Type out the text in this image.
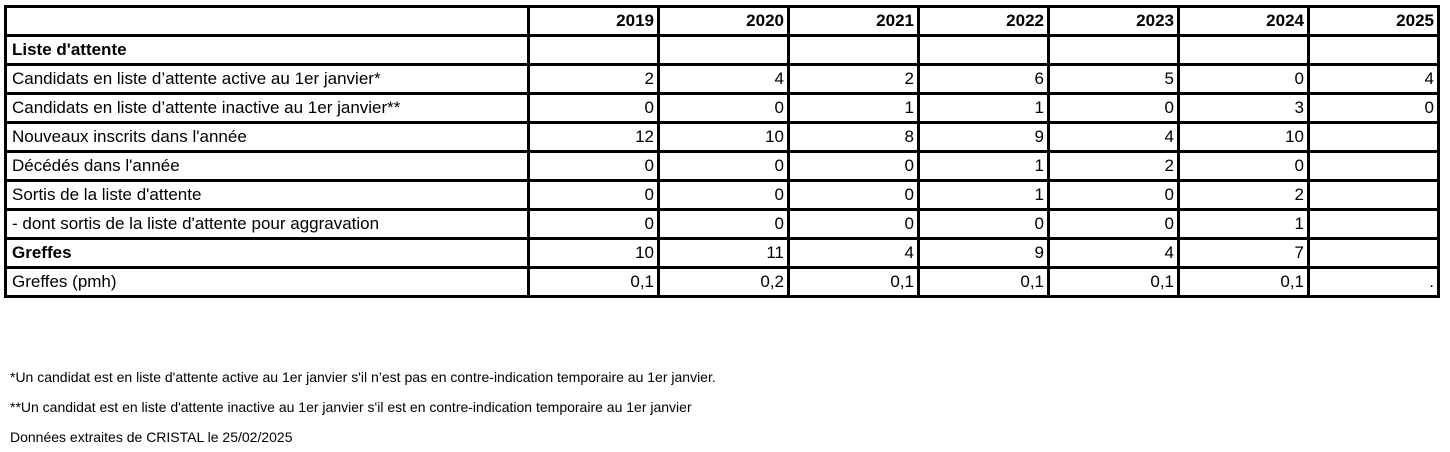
	2019	2020	2021	2022	2023	2024	2025
Liste d'attente							
Candidats en liste d’attente active au 1er janvier*	2	4	2	6	5	0	4
Candidats en liste d’attente inactive au 1er janvier**	0	0	1	1	0	3	0
Nouveaux inscrits dans l'année	12	10	8	9	4	10	
Décédés dans l'année	0	0	0	1	2	0	
Sortis de la liste d'attente	0	0	0	1	0	2	
- dont sortis de la liste d'attente pour aggravation	0	0	0	0	0	1	
Greffes	10	11	4	9	4	7	
Greffes (pmh)	0,1	0,2	0,1	0,1	0,1	0,1	.
*Un candidat est en liste d'attente active au 1er janvier s'il n’est pas en contre-indication temporaire au 1er janvier.
**Un candidat est en liste d'attente inactive au 1er janvier s'il est en contre-indication temporaire au 1er janvier
Données extraites de CRISTAL le 25/02/2025
